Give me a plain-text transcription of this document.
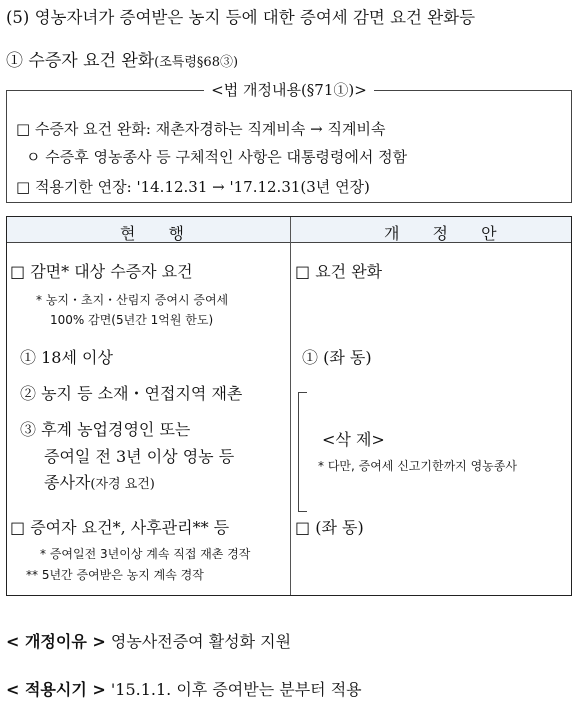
(5) 영농자녀가 증여받은 농지 등에 대한 증여세 감면 요건 완화등
① 수증자 요건 완화(조특령§68③)
<법 개정내용(§71①)>
□ 수증자 요건 완화: 재촌자경하는 직계비속 → 직계비속
ㅇ 수증후 영농종사 등 구체적인 사항은 대통령령에서 정함
□ 적용기한 연장: '14.12.31 → '17.12.31(3년 연장)
현 행	개 정 안
□ 감면* 대상 수증자 요건
* 농지・초지・산림지 증여시 증여세
100% 감면(5년간 1억원 한도)
① 18세 이상
② 농지 등 소재・연접지역 재촌
③ 후계 농업경영인 또는
증여일 전 3년 이상 영농 등
종사자(자경 요건)
□ 증여자 요건*, 사후관리** 등
* 증여일전 3년이상 계속 직접 재촌 경작
** 5년간 증여받은 농지 계속 경작
□ 요건 완화
① (좌 동)
<삭 제>
* 다만, 증여세 신고기한까지 영농종사
□ (좌 동)
< 개정이유 > 영농사전증여 활성화 지원
< 적용시기 > '15.1.1. 이후 증여받는 분부터 적용
